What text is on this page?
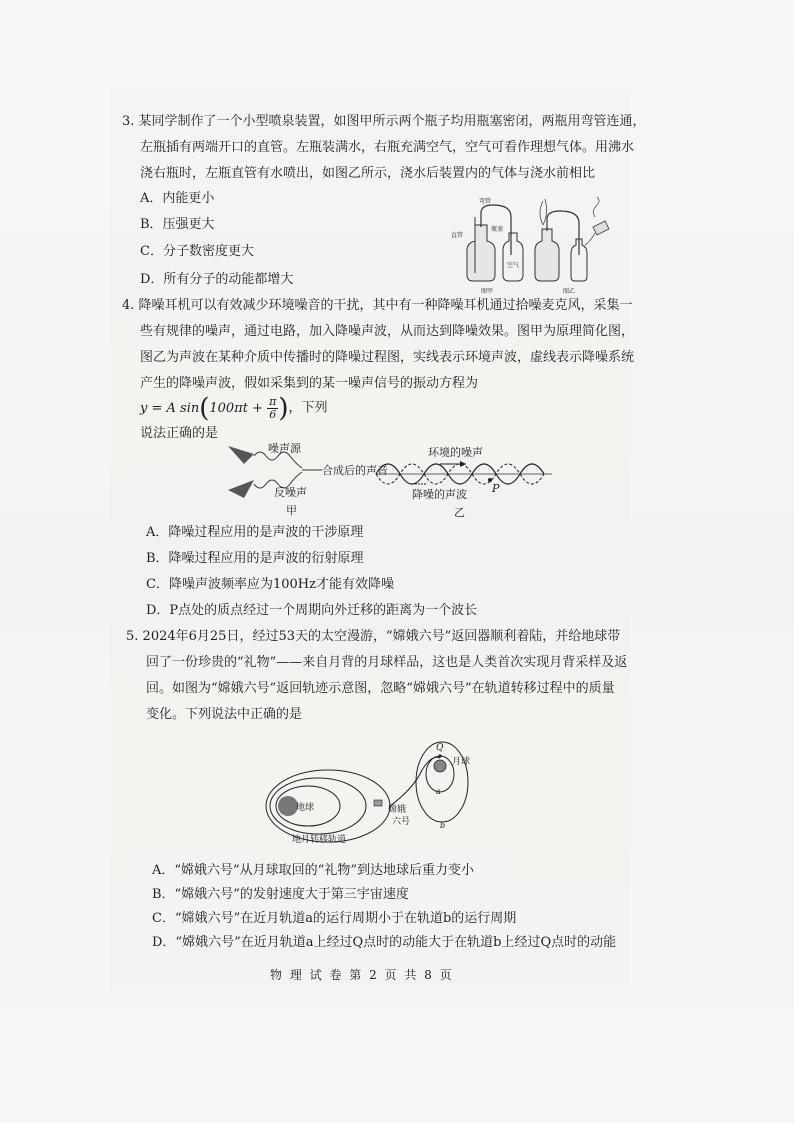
3. 某同学制作了一个小型喷泉装置，如图甲所示两个瓶子均用瓶塞密闭，两瓶用弯管连通，
左瓶插有两端开口的直管。左瓶装满水，右瓶充满空气，空气可看作理想气体。用沸水
浇右瓶时，左瓶直管有水喷出，如图乙所示，浇水后装置内的气体与浇水前相比
A．内能更小
B．压强更大
C．分子数密度更大
D．所有分子的动能都增大
直管
弯管
瓶塞
空气
图甲	图乙
4. 降噪耳机可以有效减少环境噪音的干扰，其中有一种降噪耳机通过拾噪麦克风，采集一
些有规律的噪声，通过电路，加入降噪声波，从而达到降噪效果。图甲为原理简化图，
图乙为声波在某种介质中传播时的降噪过程图，实线表示环境声波，虚线表示降噪系统
产生的降噪声波，假如采集到的某一噪声信号的振动方程为
y = A $\sin(100\pi t + \frac{\pi}{6}$ )，下列
说法正确的是
噪声源
合成后的声音
反噪声
甲
环境的噪声
降噪的声波 P
乙
A．降噪过程应用的是声波的干涉原理
B．降噪过程应用的是声波的衍射原理
C．降噪声波频率应为100Hz才能有效降噪
D．P点处的质点经过一个周期向外迁移的距离为一个波长
5. 2024年6月25日，经过53天的太空漫游，“嫦娥六号”返回器顺利着陆，并给地球带
回了一份珍贵的“礼物”——来自月背的月球样品，这也是人类首次实现月背采样及返
回。如图为“嫦娥六号”返回轨迹示意图，忽略“嫦娥六号”在轨道转移过程中的质量
变化。下列说法中正确的是
地球
Q
月球
a
b
嫦娥
六号
地月转移轨道
A．“嫦娥六号”从月球取回的“礼物”到达地球后重力变小
B．“嫦娥六号”的发射速度大于第三宇宙速度
C．“嫦娥六号”在近月轨道a的运行周期小于在轨道b的运行周期
D．“嫦娥六号”在近月轨道a上经过Q点时的动能大于在轨道b上经过Q点时的动能
物 理 试 卷 第 2 页 共 8 页
